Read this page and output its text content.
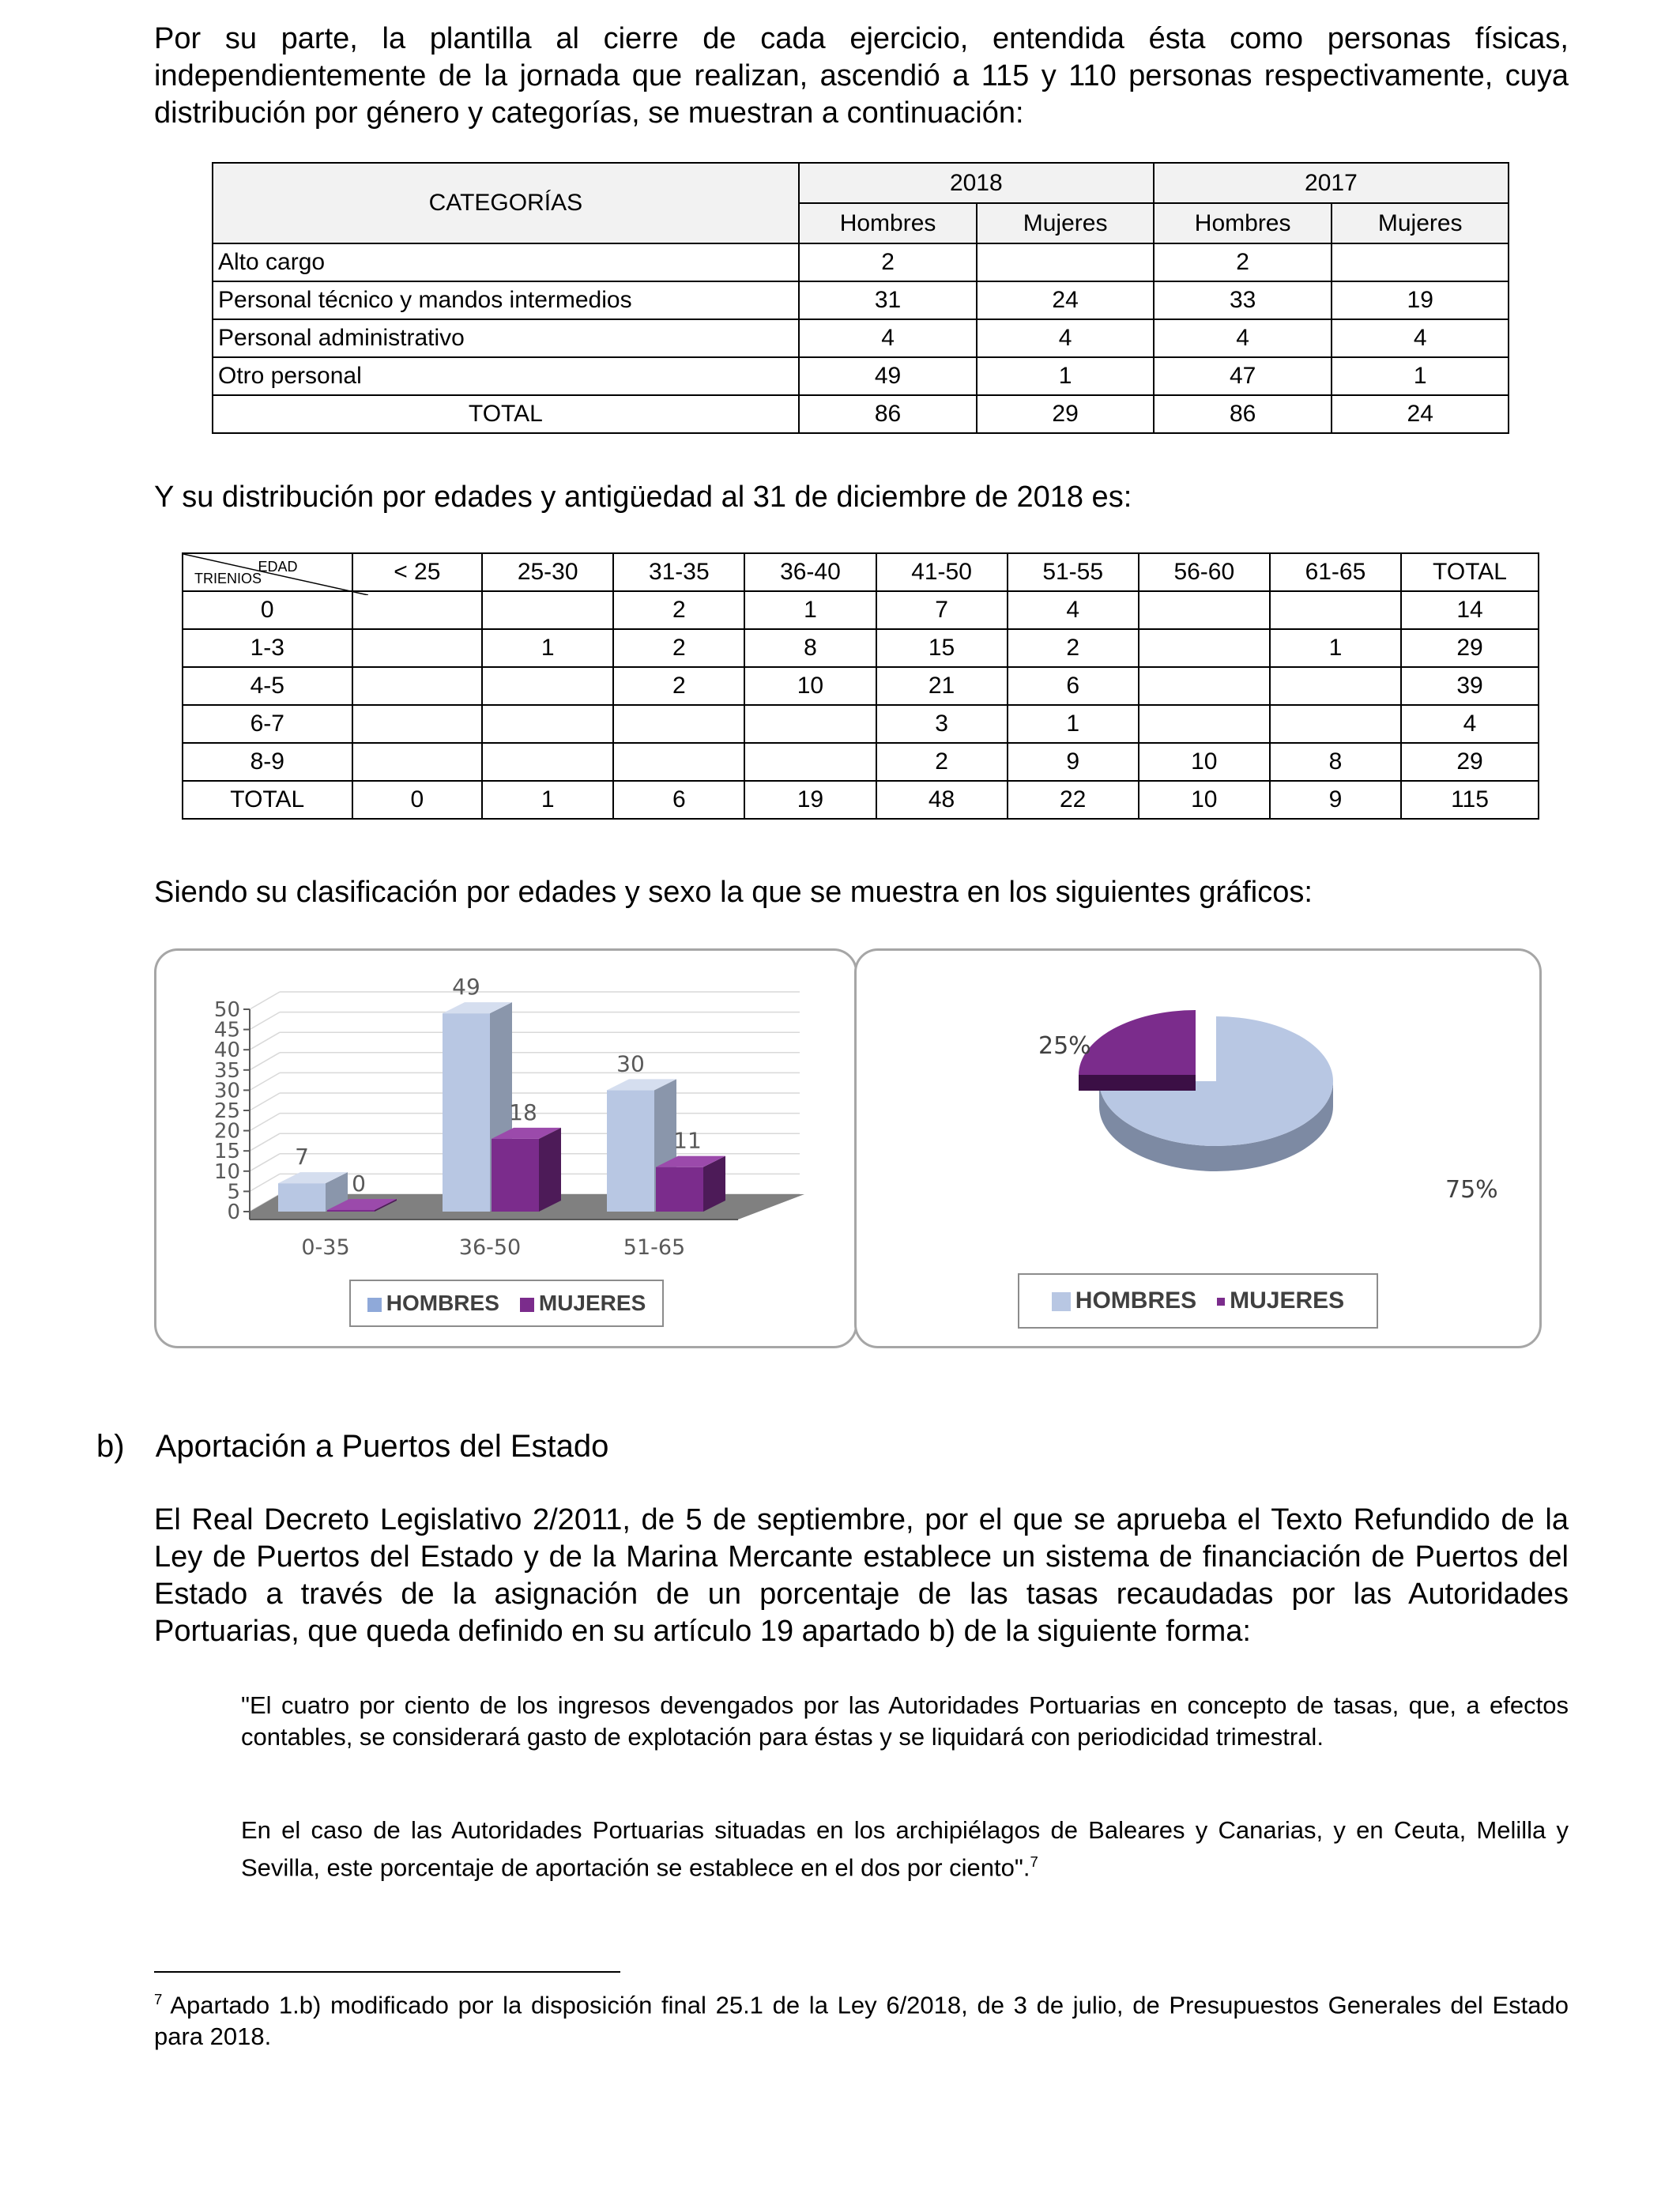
Por su parte, la plantilla al cierre de cada ejercicio, entendida ésta como personas físicas, independientemente de la jornada que realizan, ascendió a 115 y 110 personas respectivamente, cuya distribución por género y categorías, se muestran a continuación:
CATEGORÍAS	2018		2017	
	Hombres	Mujeres	Hombres	Mujeres
Alto cargo	2		2	
Personal técnico y mandos intermedios	31	24	33	19
Personal administrativo	4	4	4	4
Otro personal	49	1	47	1
TOTAL	86	29	86	24
Y su distribución por edades y antigüedad al 31 de diciembre de 2018 es:
EDAD
TRIENIOS	< 25	25-30	31-35	36-40	41-50	51-55	56-60	61-65	TOTAL
0			2	1	7	4			14
1-3		1	2	8	15	2		1	29
4-5			2	10	21	6			39
6-7					3	1			4
8-9					2	9	10	8	29
TOTAL	0	1	6	19	48	22	10	9	115
Siendo su clasificación por edades y sexo la que se muestra en los siguientes gráficos:
0
5
10
15
20
25
30
35
40
45
50
7
0
0-35
49
18
36-50
30
11
51-65
HOMBRES	MUJERES
75%
25%
HOMBRES	MUJERES
b) Aportación a Puertos del Estado
El Real Decreto Legislativo 2/2011, de 5 de septiembre, por el que se aprueba el Texto Refundido de la Ley de Puertos del Estado y de la Marina Mercante establece un sistema de financiación de Puertos del Estado a través de la asignación de un porcentaje de las tasas recaudadas por las Autoridades Portuarias, que queda definido en su artículo 19 apartado b) de la siguiente forma:
"El cuatro por ciento de los ingresos devengados por las Autoridades Portuarias en concepto de tasas, que, a efectos contables, se considerará gasto de explotación para éstas y se liquidará con periodicidad trimestral.
En el caso de las Autoridades Portuarias situadas en los archipiélagos de Baleares y Canarias, y en Ceuta, Melilla y Sevilla, este porcentaje de aportación se establece en el dos por ciento".$^7$
$^7$ Apartado 1.b) modificado por la disposición final 25.1 de la Ley 6/2018, de 3 de julio, de Presupuestos Generales del Estado para 2018.
